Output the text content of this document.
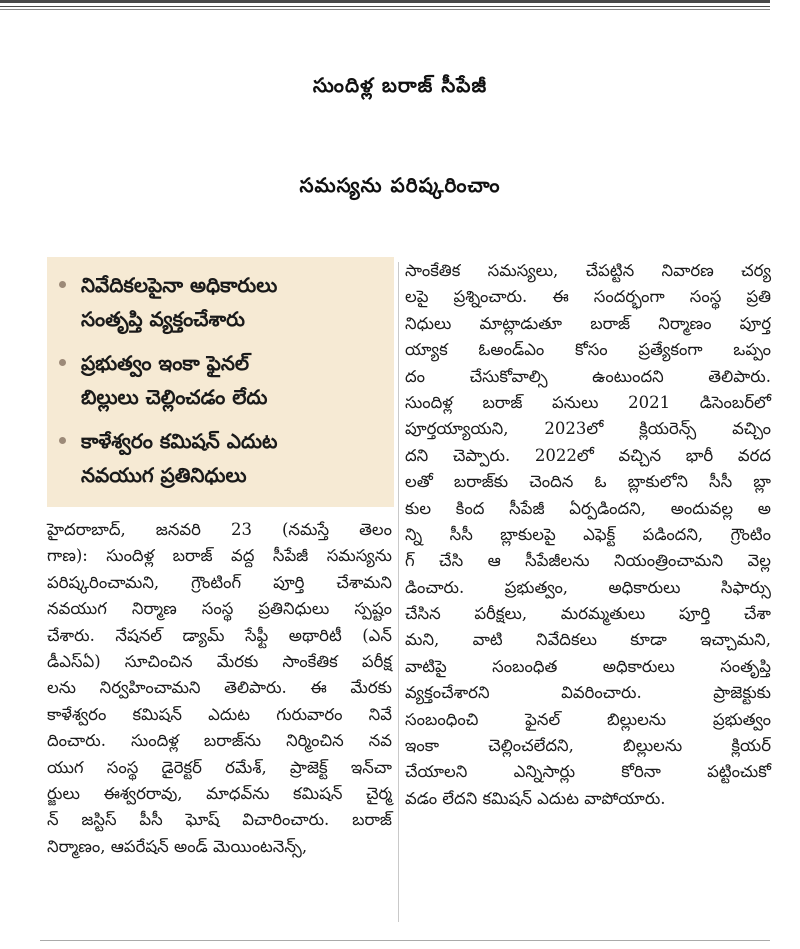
సుందిళ్ల బరాజ్ సీపేజీ
సమస్యను పరిష్కరించాం
నివేదికలపైనా అధికారులు
సంతృప్తి వ్యక్తంచేశారు
ప్రభుత్వం ఇంకా ఫైనల్
బిల్లులు చెల్లించడం లేదు
కాళేశ్వరం కమిషన్ ఎదుట
నవయుగ ప్రతినిధులు
హైదరాబాద్, జనవరి 23 (నమస్తే తెలం
గాణ): సుందిళ్ల బరాజ్ వద్ద సీపేజీ సమస్యను
పరిష్కరించామని, గ్రౌంటింగ్ పూర్తి చేశామని
నవయుగ నిర్మాణ సంస్థ ప్రతినిధులు స్పష్టం
చేశారు. నేషనల్ డ్యామ్ సేఫ్టీ అథారిటీ (ఎన్
డీఎస్ఏ) సూచించిన మేరకు సాంకేతిక పరీక్ష
లను నిర్వహించామని తెలిపారు. ఈ మేరకు
కాళేశ్వరం కమిషన్ ఎదుట గురువారం నివే
దించారు. సుందిళ్ల బరాజ్‌ను నిర్మించిన నవ
యుగ సంస్థ డైరెక్టర్ రమేశ్, ప్రాజెక్ట్ ఇన్‌చా
ర్జులు ఈశ్వరరావు, మాధవ్‌ను కమిషన్ చైర్మ
న్ జస్టిస్ పీసీ ఘోష్ విచారించారు. బరాజ్
నిర్మాణం, ఆపరేషన్ అండ్ మెయింటనెన్స్,
సాంకేతిక సమస్యలు, చేపట్టిన నివారణ చర్య
లపై ప్రశ్నించారు. ఈ సందర్భంగా సంస్థ ప్రతి
నిధులు మాట్లాడుతూ బరాజ్ నిర్మాణం పూర్త
య్యాక ఓఅండ్ఎం కోసం ప్రత్యేకంగా ఒప్పం
దం చేసుకోవాల్సి ఉంటుందని తెలిపారు.
సుందిళ్ల బరాజ్ పనులు 2021 డిసెంబర్‌లో
పూర్తయ్యాయని, 2023లో క్లియరెన్స్ వచ్చిం
దని చెప్పారు. 2022లో వచ్చిన భారీ వరద
లతో బరాజ్‌కు చెందిన ఓ బ్లాకులోని సీసీ బ్లా
కుల కింద సీపేజీ ఏర్పడిందని, అందువల్ల అ
న్ని సీసీ బ్లాకులపై ఎఫెక్ట్ పడిందని, గ్రౌంటిం
గ్ చేసి ఆ సీపేజీలను నియంత్రించామని వెల్ల
డించారు. ప్రభుత్వం, అధికారులు సిఫార్సు
చేసిన పరీక్షలు, మరమ్మతులు పూర్తి చేశా
మని, వాటి నివేదికలు కూడా ఇచ్చామని,
వాటిపై సంబంధిత అధికారులు సంతృప్తి
వ్యక్తంచేశారని వివరించారు. ప్రాజెక్టుకు
సంబంధించి ఫైనల్ బిల్లులను ప్రభుత్వం
ఇంకా చెల్లించలేదని, బిల్లులను క్లియర్
చేయాలని ఎన్నిసార్లు కోరినా పట్టించుకో
వడం లేదని కమిషన్ ఎదుట వాపోయారు.
